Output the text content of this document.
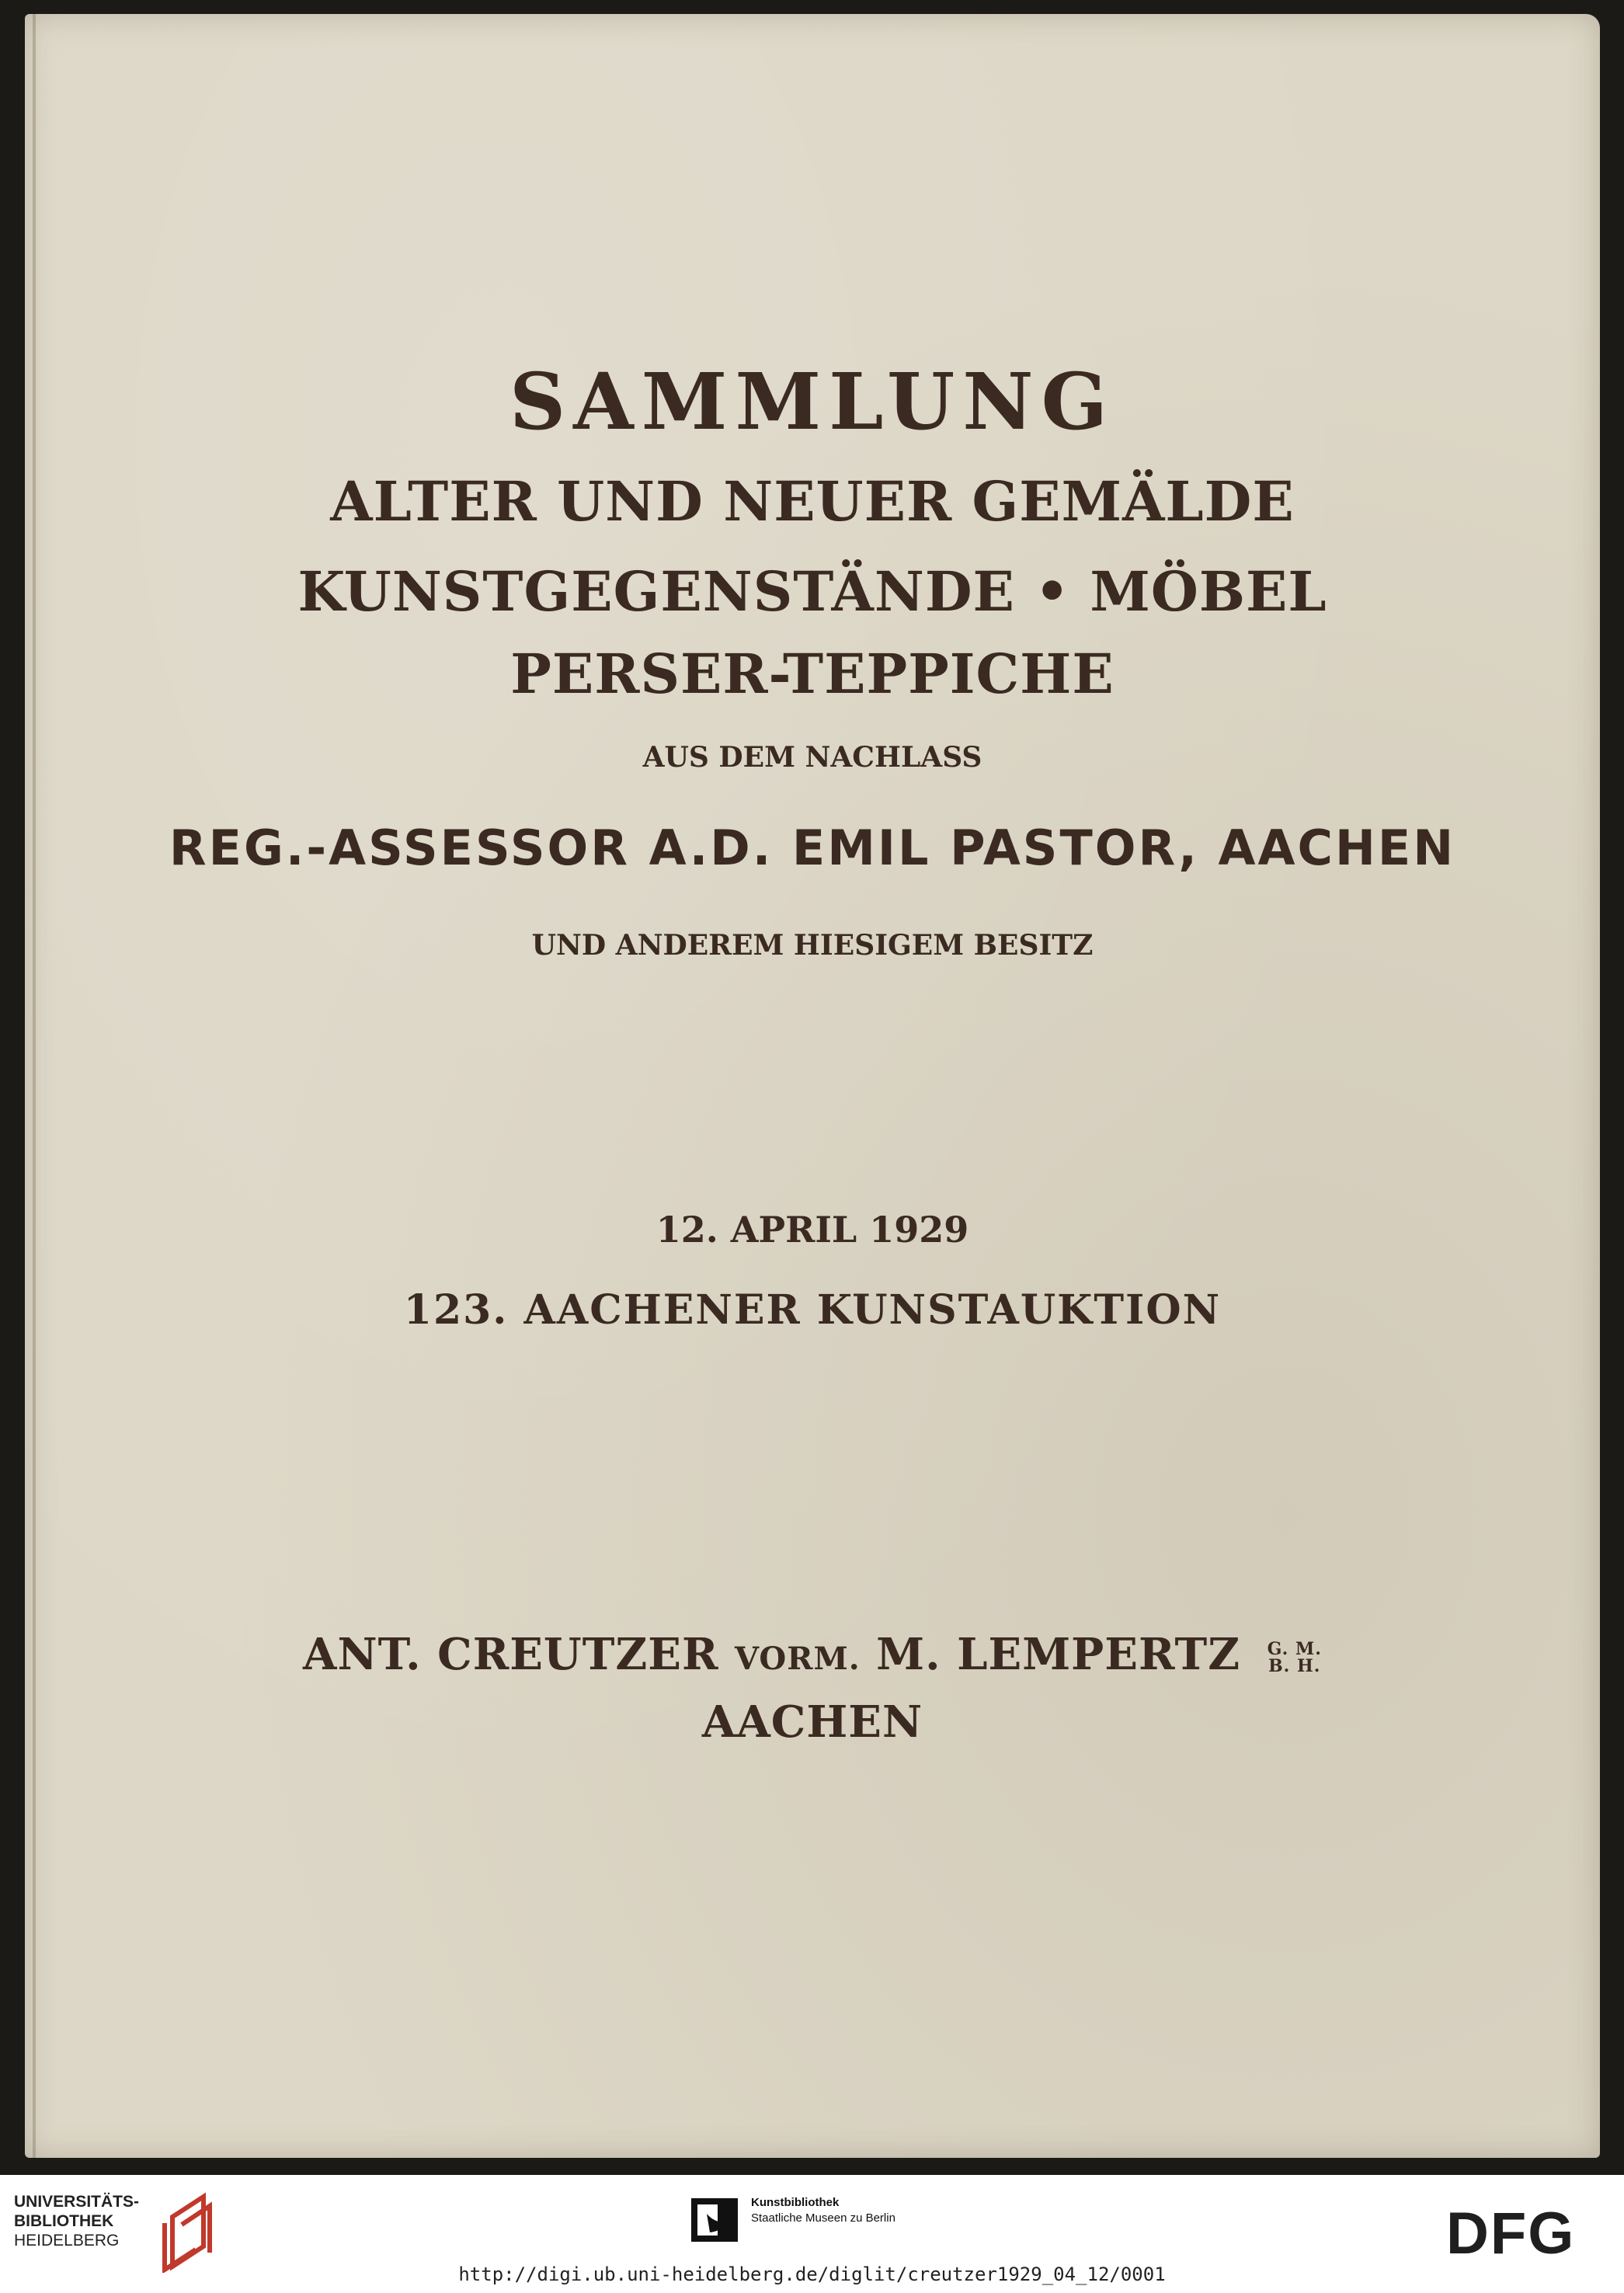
SAMMLUNG
ALTER UND NEUER GEMÄLDE
KUNSTGEGENSTÄNDE • MÖBEL
PERSER-TEPPICHE
AUS DEM NACHLASS
REG.-ASSESSOR A.D. EMIL PASTOR, AACHEN
UND ANDEREM HIESIGEM BESITZ
12. APRIL 1929
123. AACHENER KUNSTAUKTION
ANT. CREUTZER VORM. M. LEMPERTZ G. M.
B. H.
AACHEN
UNIVERSITÄTS-
BIBLIOTHEK
HEIDELBERG
Kunstbibliothek
Staatliche Museen zu Berlin	DFG
http://digi.ub.uni-heidelberg.de/diglit/creutzer1929_04_12/0001
